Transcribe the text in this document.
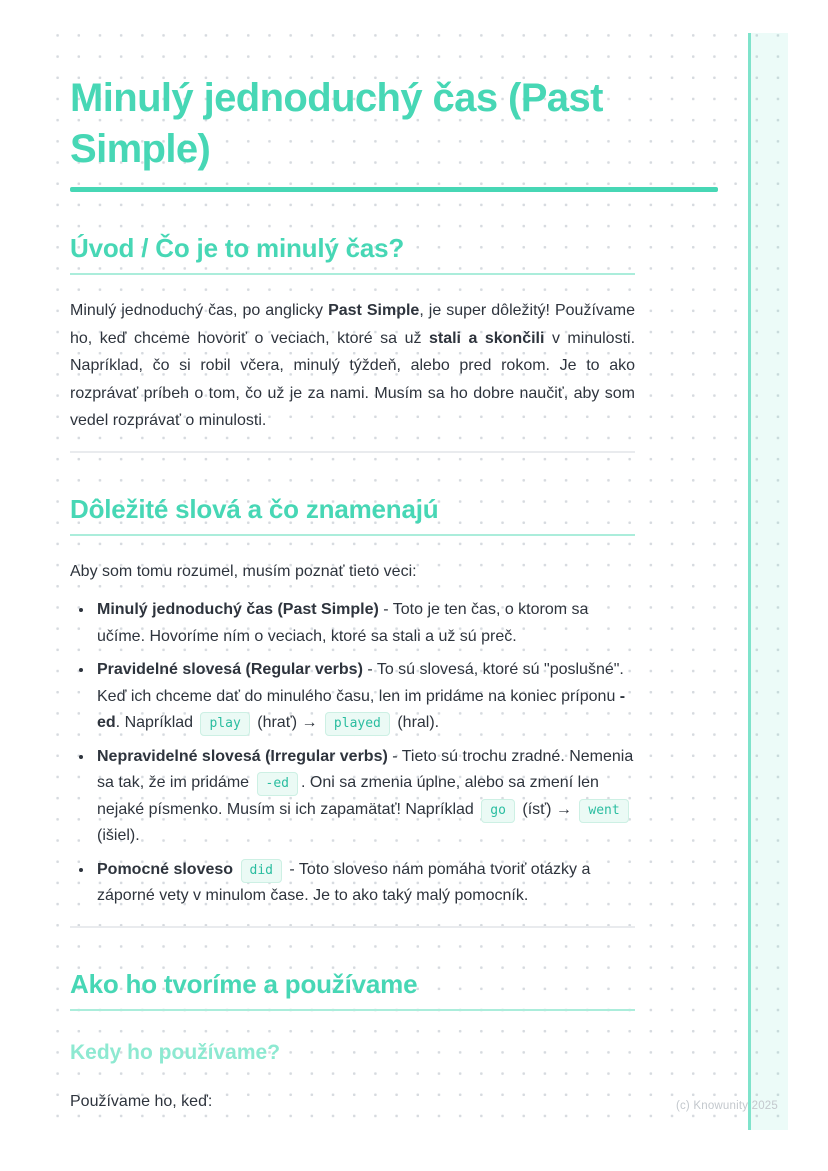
Minulý jednoduchý čas (Past Simple)
Úvod / Čo je to minulý čas?

Minulý jednoduchý čas, po anglicky Past Simple, je super dôležitý! Používame ho, keď chceme hovoriť o veciach, ktoré sa už stali a skončili v minulosti. Napríklad, čo si robil včera, minulý týždeň, alebo pred rokom. Je to ako rozprávať príbeh o tom, čo už je za nami. Musím sa ho dobre naučiť, aby som vedel rozprávať o minulosti.

Dôležité slová a čo znamenajú

Aby som tomu rozumel, musím poznať tieto veci:

• Minulý jednoduchý čas (Past Simple) - Toto je ten čas, o ktorom sa učíme. Hovoríme ním o veciach, ktoré sa stali a už sú preč.
• Pravidelné slovesá (Regular verbs) - To sú slovesá, ktoré sú "poslušné". Keď ich chceme dať do minulého času, len im pridáme na koniec príponu -ed. Napríklad play (hrať) → played (hral).
• Nepravidelné slovesá (Irregular verbs) - Tieto sú trochu zradné. Nemenia sa tak, že im pridáme -ed . Oni sa zmenia úplne, alebo sa zmení len nejaké písmenko. Musím si ich zapamätať! Napríklad go (ísť) → went (išiel).
• Pomocné sloveso did - Toto sloveso nám pomáha tvoriť otázky a záporné vety v minulom čase. Je to ako taký malý pomocník.
Ako ho tvoríme a používame
Kedy ho používame?

Používame ho, keď:	(c) Knowunity 2025
